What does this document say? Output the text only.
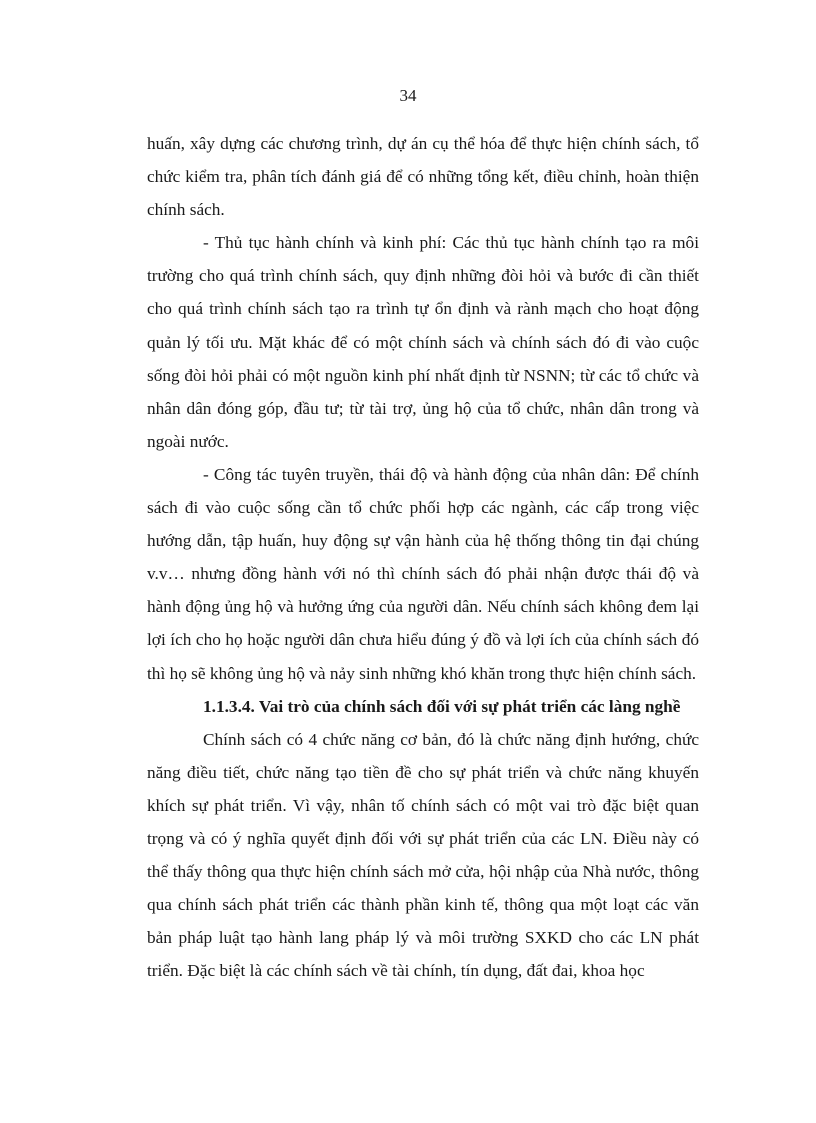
34

huấn, xây dựng các chương trình, dự án cụ thể hóa để thực hiện chính sách, tổ chức kiểm tra, phân tích đánh giá để có những tổng kết, điều chỉnh, hoàn thiện chính sách.

- Thủ tục hành chính và kinh phí: Các thủ tục hành chính tạo ra môi trường cho quá trình chính sách, quy định những đòi hỏi và bước đi cần thiết cho quá trình chính sách tạo ra trình tự ổn định và rành mạch cho hoạt động quản lý tối ưu. Mặt khác để có một chính sách và chính sách đó đi vào cuộc sống đòi hỏi phải có một nguồn kinh phí nhất định từ NSNN; từ các tổ chức và nhân dân đóng góp, đầu tư; từ tài trợ, ủng hộ của tổ chức, nhân dân trong và ngoài nước.

- Công tác tuyên truyền, thái độ và hành động của nhân dân: Để chính sách đi vào cuộc sống cần tổ chức phối hợp các ngành, các cấp trong việc hướng dẫn, tập huấn, huy động sự vận hành của hệ thống thông tin đại chúng v.v… nhưng đồng hành với nó thì chính sách đó phải nhận được thái độ và hành động ủng hộ và hưởng ứng của người dân. Nếu chính sách không đem lại lợi ích cho họ hoặc người dân chưa hiểu đúng ý đồ và lợi ích của chính sách đó thì họ sẽ không ủng hộ và nảy sinh những khó khăn trong thực hiện chính sách.

1.1.3.4. Vai trò của chính sách đối với sự phát triển các làng nghề

Chính sách có 4 chức năng cơ bản, đó là chức năng định hướng, chức năng điều tiết, chức năng tạo tiền đề cho sự phát triển và chức năng khuyến khích sự phát triển. Vì vậy, nhân tố chính sách có một vai trò đặc biệt quan trọng và có ý nghĩa quyết định đối với sự phát triển của các LN. Điều này có thể thấy thông qua thực hiện chính sách mở cửa, hội nhập của Nhà nước, thông qua chính sách phát triển các thành phần kinh tế, thông qua một loạt các văn bản pháp luật tạo hành lang pháp lý và môi trường SXKD cho các LN phát triển. Đặc biệt là các chính sách về tài chính, tín dụng, đất đai, khoa học
